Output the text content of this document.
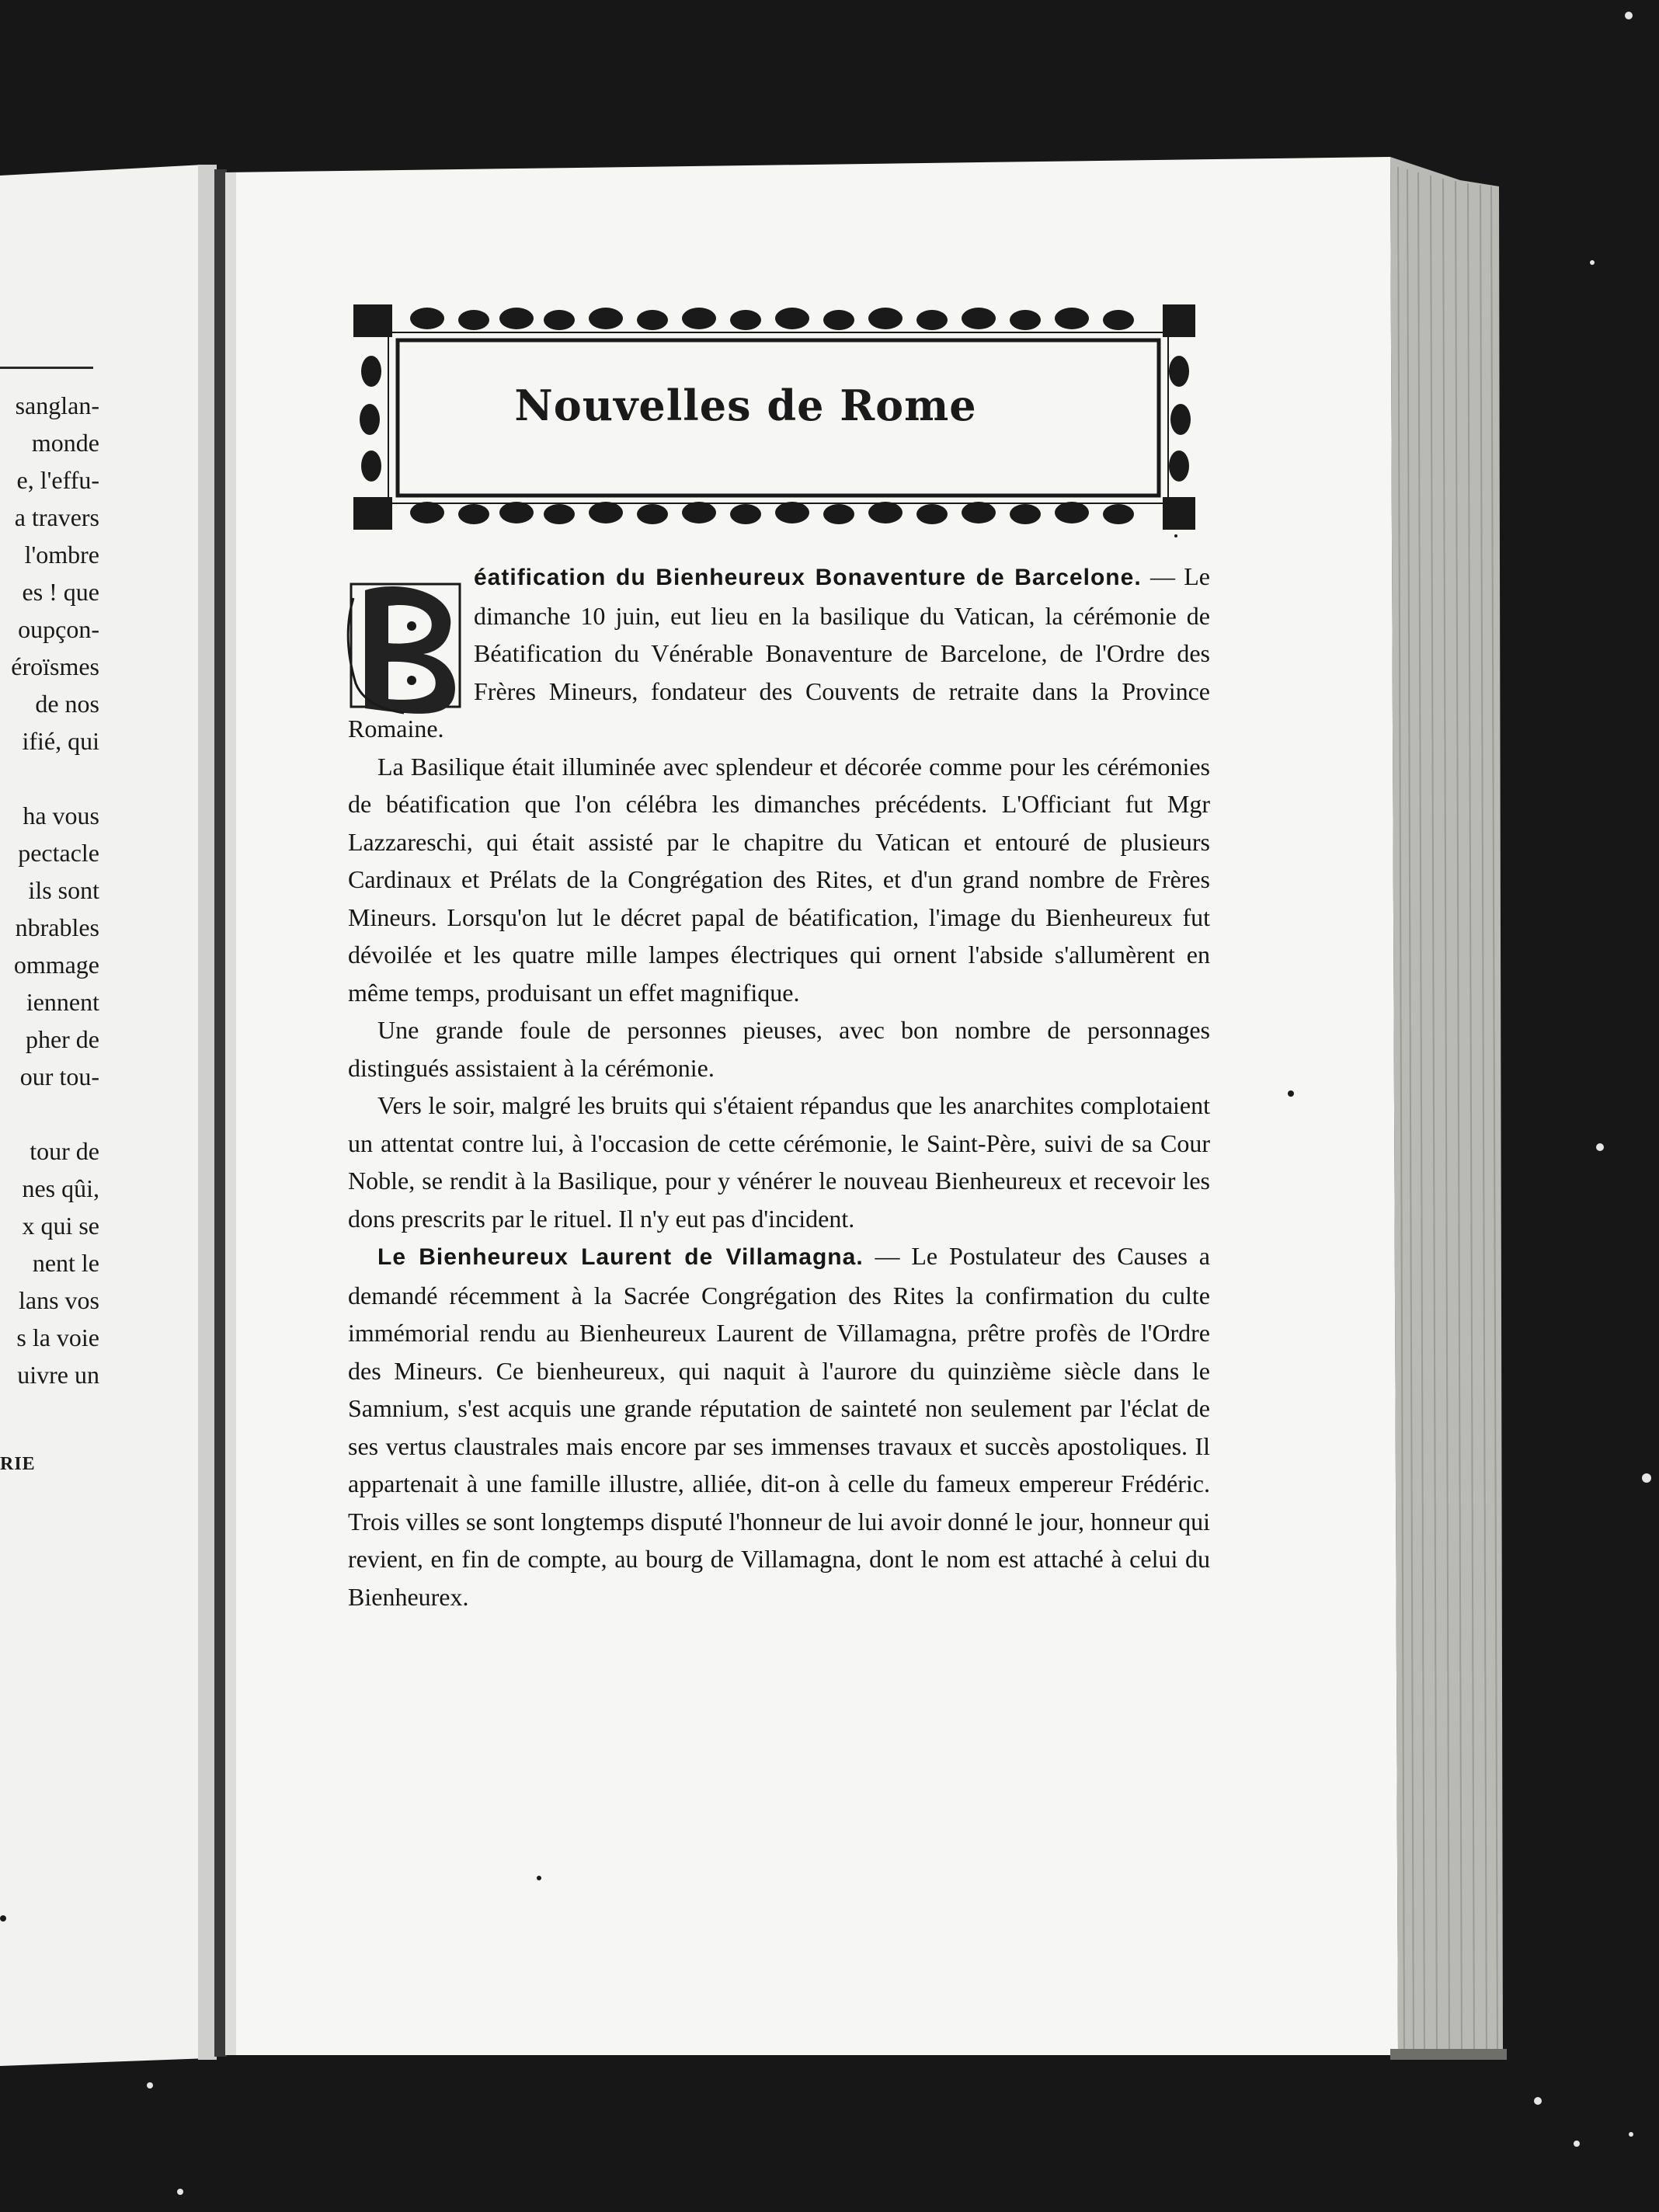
sanglan-
monde
e, l'effu-
a travers
l'ombre
es ! que
oupçon-
éroïsmes
de nos
ifié, qui
ha vous
pectacle
ils sont
nbrables
ommage
iennent
pher de
our tou-
tour de
nes qûi,
x qui se
nent le
lans vos
s la voie
uivre un
RIE
Nouvelles de Rome

éatification du Bienheureux Bonaventure de Barcelone. — Le dimanche 10 juin, eut lieu en la basilique du Vatican, la cérémonie de Béatification du Vénérable Bonaventure de Barcelone, de l'Ordre des Frères Mineurs, fondateur des Couvents de retraite dans la Province Romaine.

La Basilique était illuminée avec splendeur et décorée comme pour les cérémonies de béatification que l'on célébra les dimanches précédents. L'Officiant fut Mgr Lazzareschi, qui était assisté par le chapitre du Vatican et entouré de plusieurs Cardinaux et Prélats de la Congrégation des Rites, et d'un grand nombre de Frères Mineurs. Lorsqu'on lut le décret papal de béatification, l'image du Bienheureux fut dévoilée et les quatre mille lampes électriques qui ornent l'abside s'allumèrent en même temps, produisant un effet magnifique.

Une grande foule de personnes pieuses, avec bon nombre de personnages distingués assistaient à la cérémonie.

Vers le soir, malgré les bruits qui s'étaient répandus que les anarchites complotaient un attentat contre lui, à l'occasion de cette cérémonie, le Saint-Père, suivi de sa Cour Noble, se rendit à la Basilique, pour y vénérer le nouveau Bienheureux et recevoir les dons prescrits par le rituel. Il n'y eut pas d'incident.

Le Bienheureux Laurent de Villamagna. — Le Postulateur des Causes a demandé récemment à la Sacrée Congrégation des Rites la confirmation du culte immémorial rendu au Bienheureux Laurent de Villamagna, prêtre profès de l'Ordre des Mineurs. Ce bienheureux, qui naquit à l'aurore du quinzième siècle dans le Samnium, s'est acquis une grande réputation de sainteté non seulement par l'éclat de ses vertus claustrales mais encore par ses immenses travaux et succès apostoliques. Il appartenait à une famille illustre, alliée, dit-on à celle du fameux empereur Frédéric. Trois villes se sont longtemps disputé l'honneur de lui avoir donné le jour, honneur qui revient, en fin de compte, au bourg de Villamagna, dont le nom est attaché à celui du Bienheurex.
